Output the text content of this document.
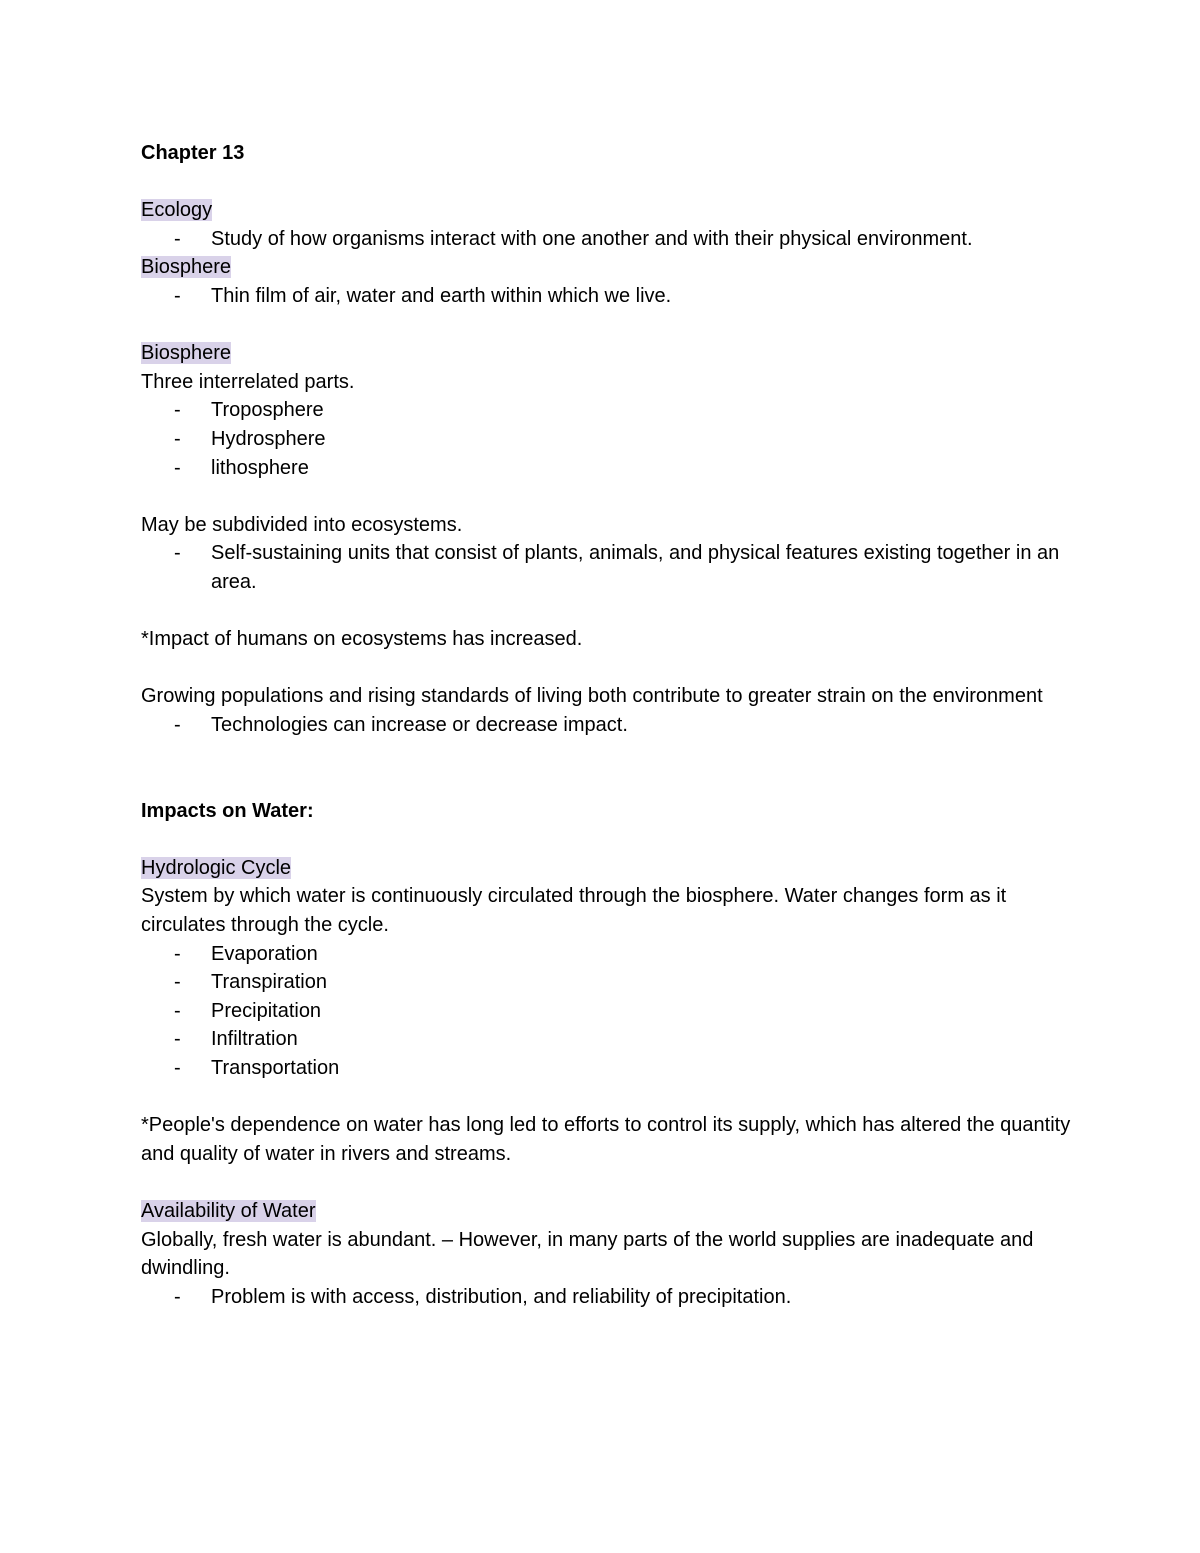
Chapter 13
Ecology
- Study of how organisms interact with one another and with their physical environment.
Biosphere
- Thin film of air, water and earth within which we live.
Biosphere
Three interrelated parts.
- Troposphere
- Hydrosphere
- lithosphere
May be subdivided into ecosystems.
- Self-sustaining units that consist of plants, animals, and physical features existing together in an area.
*Impact of humans on ecosystems has increased.
Growing populations and rising standards of living both contribute to greater strain on the environment
- Technologies can increase or decrease impact.
Impacts on Water:
Hydrologic Cycle
System by which water is continuously circulated through the biosphere. Water changes form as it circulates through the cycle.
- Evaporation
- Transpiration
- Precipitation
- Infiltration
- Transportation
*People's dependence on water has long led to efforts to control its supply, which has altered the quantity and quality of water in rivers and streams.
Availability of Water
Globally, fresh water is abundant. – However, in many parts of the world supplies are inadequate and dwindling.
- Problem is with access, distribution, and reliability of precipitation.
